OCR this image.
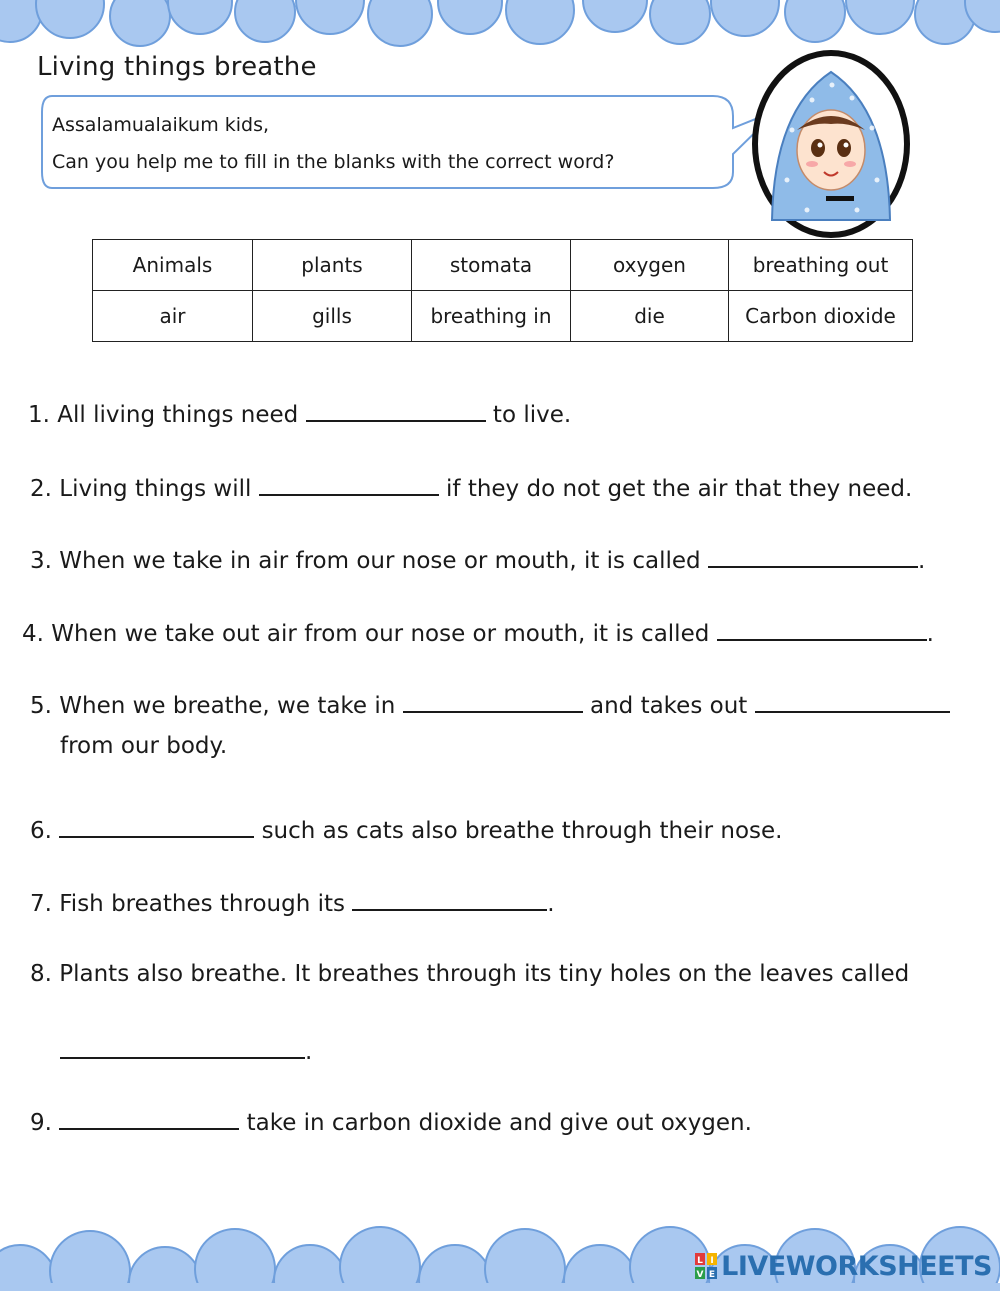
Living things breathe
Assalamualaikum kids,
Can you help me to fill in the blanks with the correct word?
Animals	plants	stomata	oxygen	breathing out
air	gills	breathing in	die	Carbon dioxide
1. All living things need	to live.
2. Living things will	if they do not get the air that they need.
3. When we take in air from our nose or mouth, it is called	.
4. When we take out air from our nose or mouth, it is called	.
5. When we breathe, we take in	and takes out
from our body.
6.	such as cats also breathe through their nose.
7. Fish breathes through its	.
8. Plants also breathe. It breathes through its tiny holes on the leaves called
.
9.	take in carbon dioxide and give out oxygen.
L I
V E LIVEWORKSHEETS
